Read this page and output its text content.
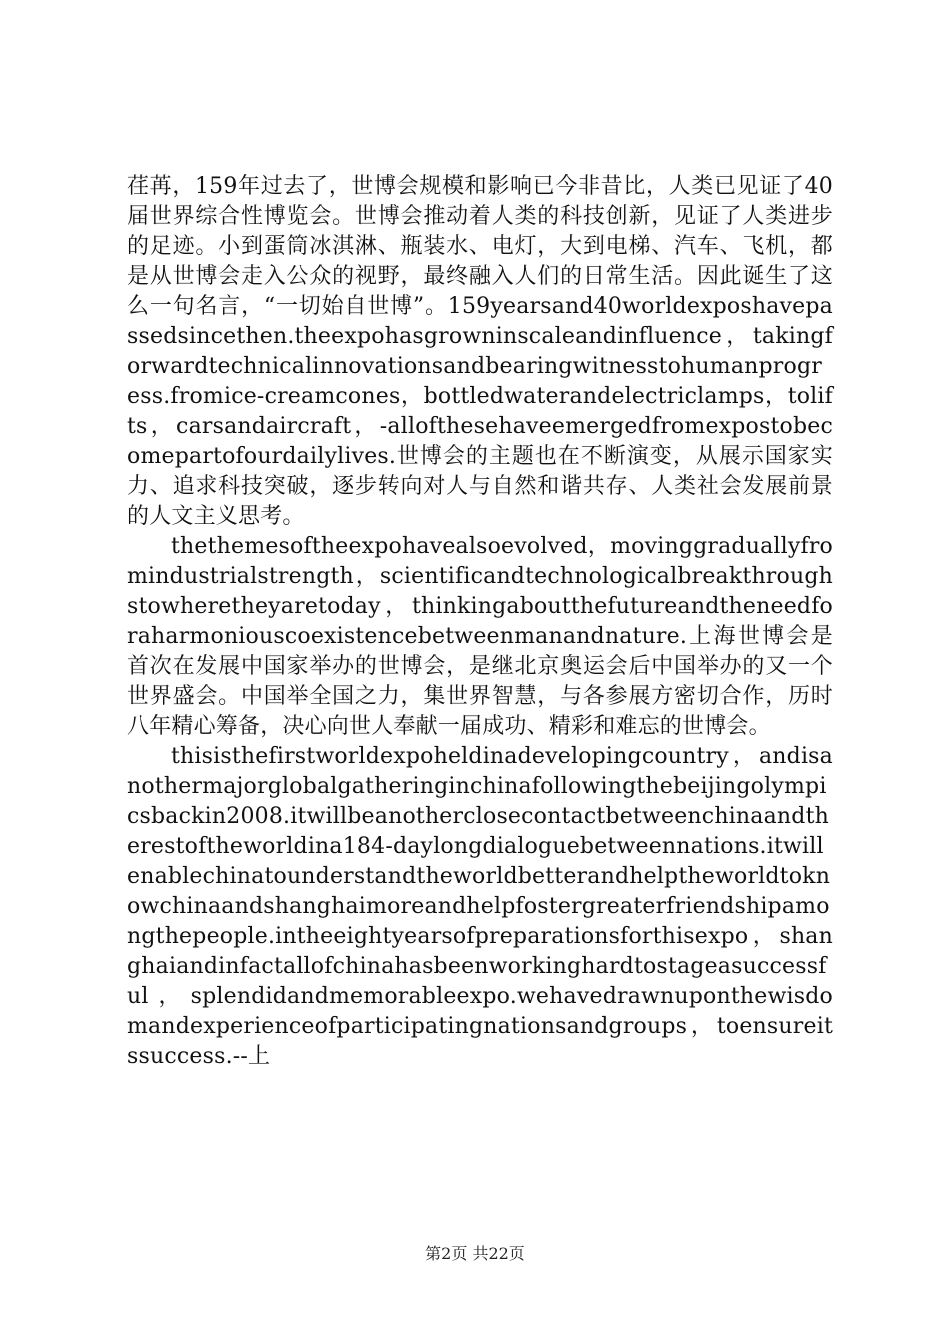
荏苒，159年过去了，世博会规模和影响已今非昔比，人类已见证了40届世界综合性博览会。世博会推动着人类的科技创新，见证了人类进步的足迹。小到蛋筒冰淇淋、瓶装水、电灯，大到电梯、汽车、飞机，都是从世博会走入公众的视野，最终融入人们的日常生活。因此诞生了这么一句名言，“一切始自世博”。159yearsand40worldexposhavepassedsincethen.theexpohasgrowninscaleandinfluence，takingforwardtechnicalinnovationsandbearingwitnesstohumanprogress.fromice-creamcones，bottledwaterandelectriclamps，tolifts，carsandaircraft，-allofthesehaveemergedfromexpostobecomepartofourdailylives.世博会的主题也在不断演变，从展示国家实力、追求科技突破，逐步转向对人与自然和谐共存、人类社会发展前景的人文主义思考。

thethemesoftheexpohavealsoevolved，movinggraduallyfromindustrialstrength，scientificandtechnologicalbreakthroughstowheretheyaretoday，thinkingaboutthefutureandtheneedforaharmoniouscoexistencebetweenmanandnature.上海世博会是首次在发展中国家举办的世博会，是继北京奥运会后中国举办的又一个世界盛会。中国举全国之力，集世界智慧，与各参展方密切合作，历时八年精心筹备，决心向世人奉献一届成功、精彩和难忘的世博会。

thisisthefirstworldexpoheldinadevelopingcountry，andisanothermajorglobalgatheringinchinafollowingthebeijingolympicsbackin2008.itwillbeanotherclosecontactbetweenchinaandtherestoftheworldina184-daylongdialoguebetweennations.itwillenablechinatounderstandtheworldbetterandhelptheworldtoknowchinaandshanghaimoreandhelpfostergreaterfriendshipamongthepeople.intheeightyearsofpreparationsforthisexpo，shanghaiandinfactallofchinahasbeenworkinghardtostageasuccessful，splendidandmemorableexpo.wehavedrawnuponthewisdomandexperienceofparticipatingnationsandgroups，toensureitssuccess.--上

第2页 共22页
